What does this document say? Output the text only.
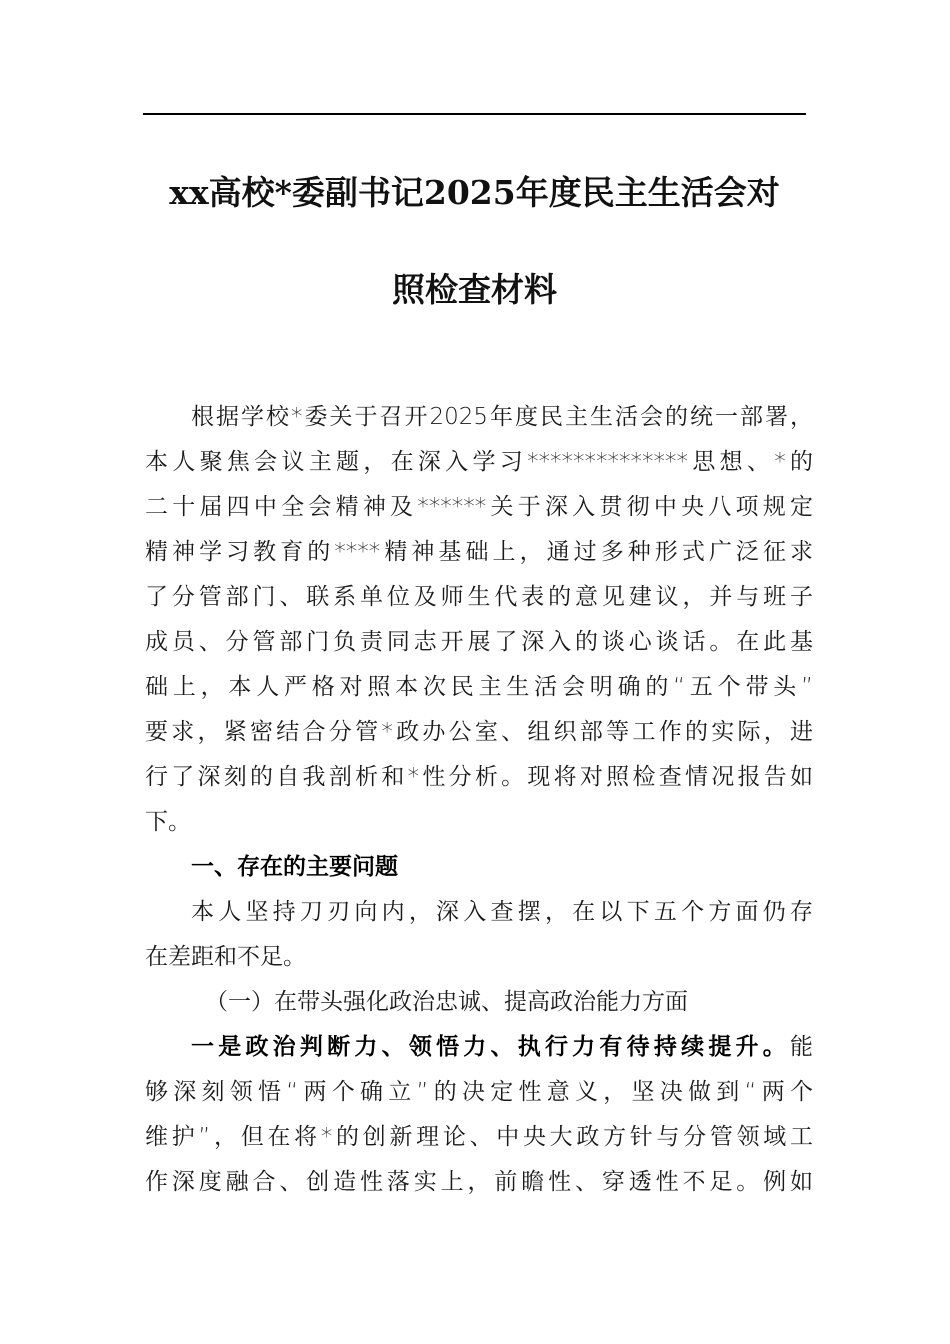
xx高校*委副书记2025年度民主生活会对
照检查材料
根据学校*委关于召开2025年度民主生活会的统一部署，
本人聚焦会议主题，在深入学习**************思想、*的
二十届四中全会精神及******关于深入贯彻中央八项规定
精神学习教育的****精神基础上，通过多种形式广泛征求
了分管部门、联系单位及师生代表的意见建议，并与班子
成员、分管部门负责同志开展了深入的谈心谈话。在此基
础上，本人严格对照本次民主生活会明确的“五个带头”
要求，紧密结合分管*政办公室、组织部等工作的实际，进
行了深刻的自我剖析和*性分析。现将对照检查情况报告如
下。
一、存在的主要问题
本人坚持刀刃向内，深入查摆，在以下五个方面仍存
在差距和不足。
（一）在带头强化政治忠诚、提高政治能力方面
一是政治判断力、领悟力、执行力有待持续提升。能
够深刻领悟“两个确立”的决定性意义，坚决做到“两个
维护”，但在将*的创新理论、中央大政方针与分管领域工
作深度融合、创造性落实上，前瞻性、穿透性不足。例如
